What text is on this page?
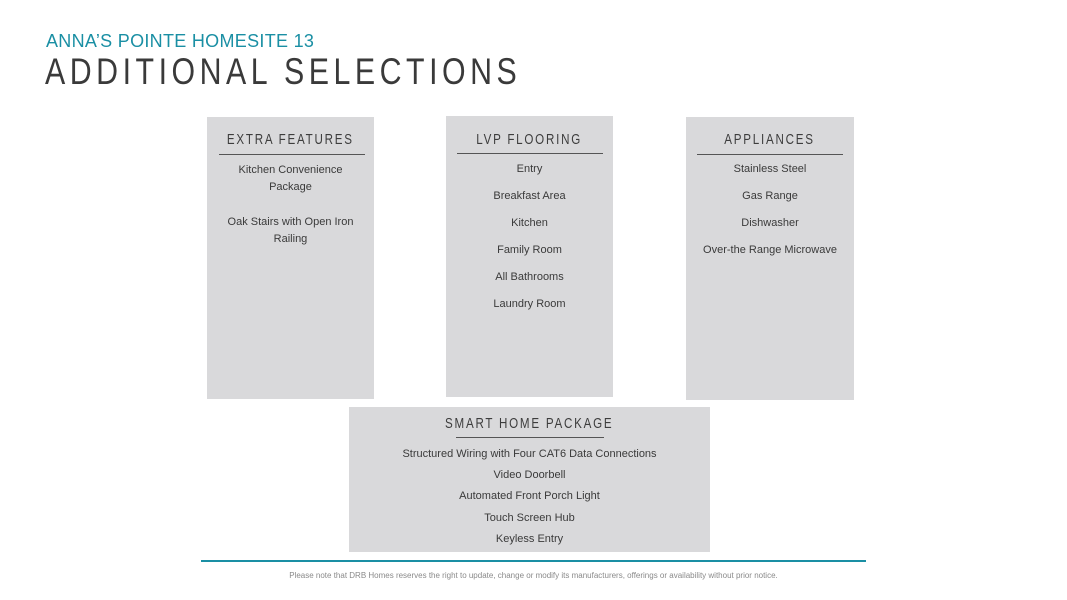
ANNA’S POINTE HOMESITE 13
ADDITIONAL SELECTIONS
EXTRA FEATURES
Kitchen Convenience Package
Oak Stairs with Open Iron Railing
LVP FLOORING
Entry
Breakfast Area
Kitchen
Family Room
All Bathrooms
Laundry Room
APPLIANCES
Stainless Steel
Gas Range
Dishwasher
Over-the Range Microwave
SMART HOME PACKAGE
Structured Wiring with Four CAT6 Data Connections
Video Doorbell
Automated Front Porch Light
Touch Screen Hub
Keyless Entry
Please note that DRB Homes reserves the right to update, change or modify its manufacturers, offerings or availability without prior notice.
